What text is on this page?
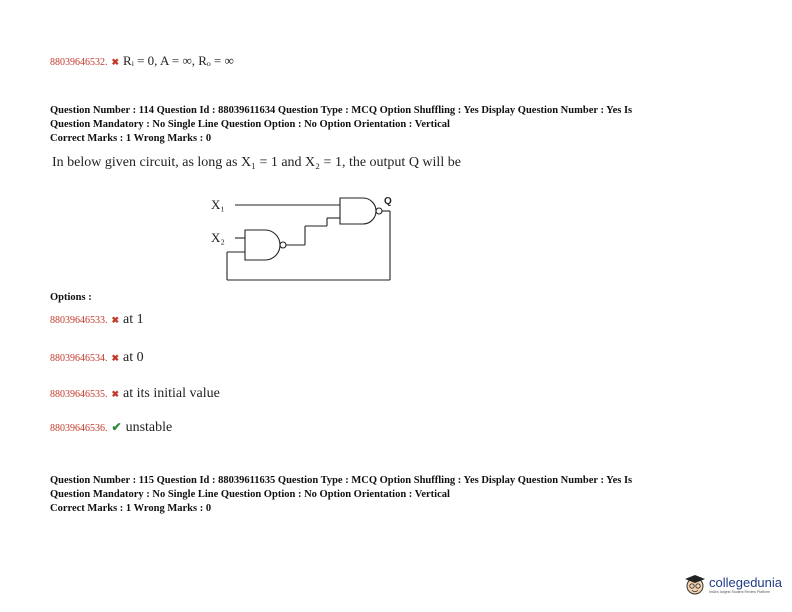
88039646532. ✖ Rᵢ = 0, A = ∞, Rₒ = ∞
Question Number : 114 Question Id : 88039611634 Question Type : MCQ Option Shuffling : Yes Display Question Number : Yes Is
Question Mandatory : No Single Line Question Option : No Option Orientation : Vertical
Correct Marks : 1 Wrong Marks : 0
In below given circuit, as long as X₁ = 1 and X₂ = 1, the output Q will be
X₁
X₂
Q
Options :
88039646533. ✖ at 1
88039646534. ✖ at 0
88039646535. ✖ at its initial value
88039646536. ✔ unstable
Question Number : 115 Question Id : 88039611635 Question Type : MCQ Option Shuffling : Yes Display Question Number : Yes Is
Question Mandatory : No Single Line Question Option : No Option Orientation : Vertical
Correct Marks : 1 Wrong Marks : 0
collegedunia
India's largest Student Review Platform
